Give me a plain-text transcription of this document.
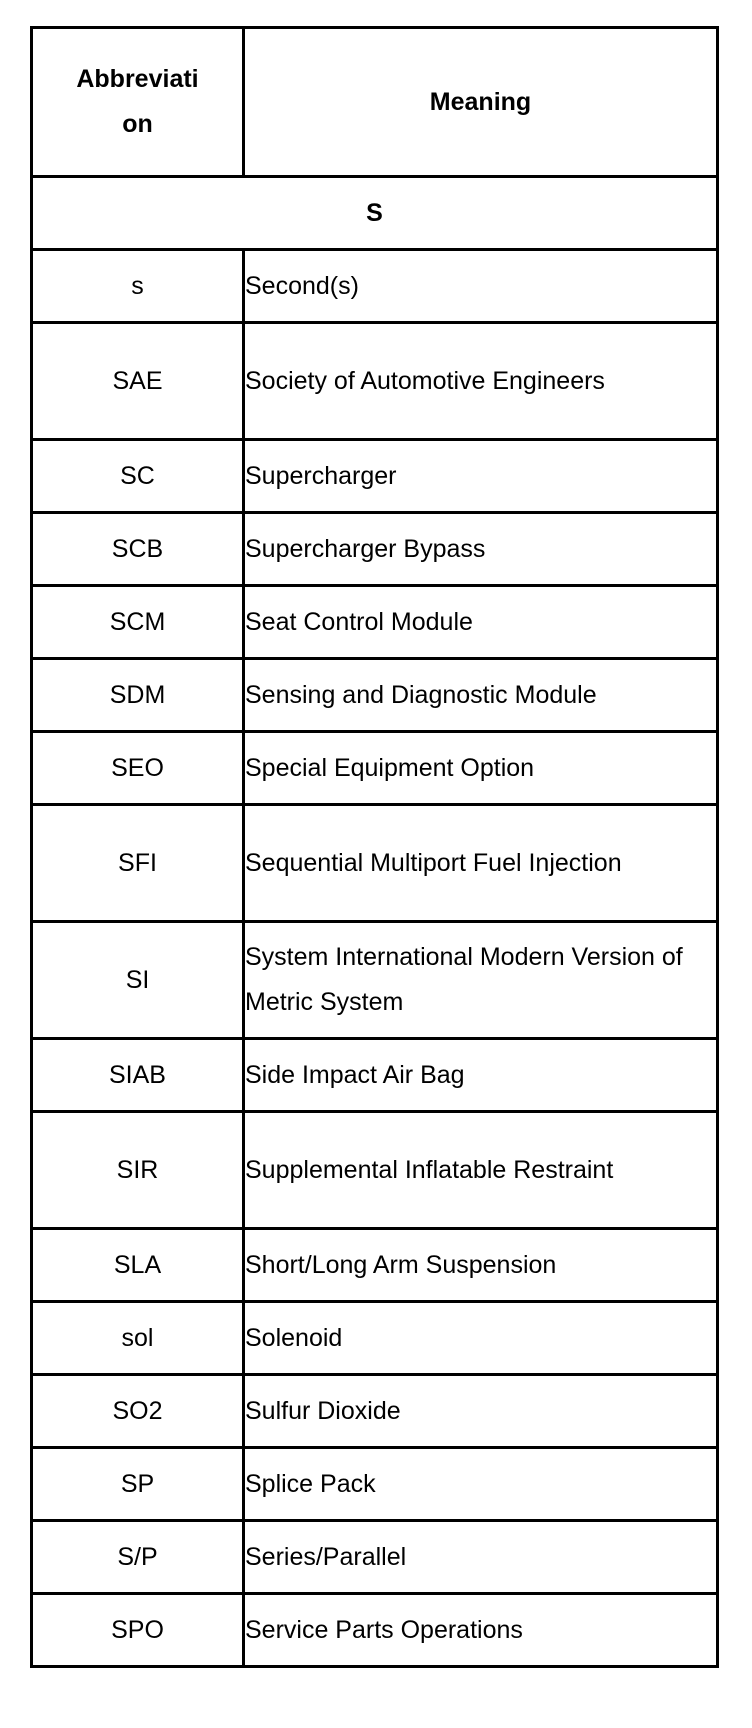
Abbreviati
on	Meaning
S	
s	Second(s)
SAE	Society of Automotive Engineers
SC	Supercharger
SCB	Supercharger Bypass
SCM	Seat Control Module
SDM	Sensing and Diagnostic Module
SEO	Special Equipment Option
SFI	Sequential Multiport Fuel Injection
SI	System International Modern Version of Metric System
SIAB	Side Impact Air Bag
SIR	Supplemental Inflatable Restraint
SLA	Short/Long Arm Suspension
sol	Solenoid
SO2	Sulfur Dioxide
SP	Splice Pack
S/P	Series/Parallel
SPO	Service Parts Operations
